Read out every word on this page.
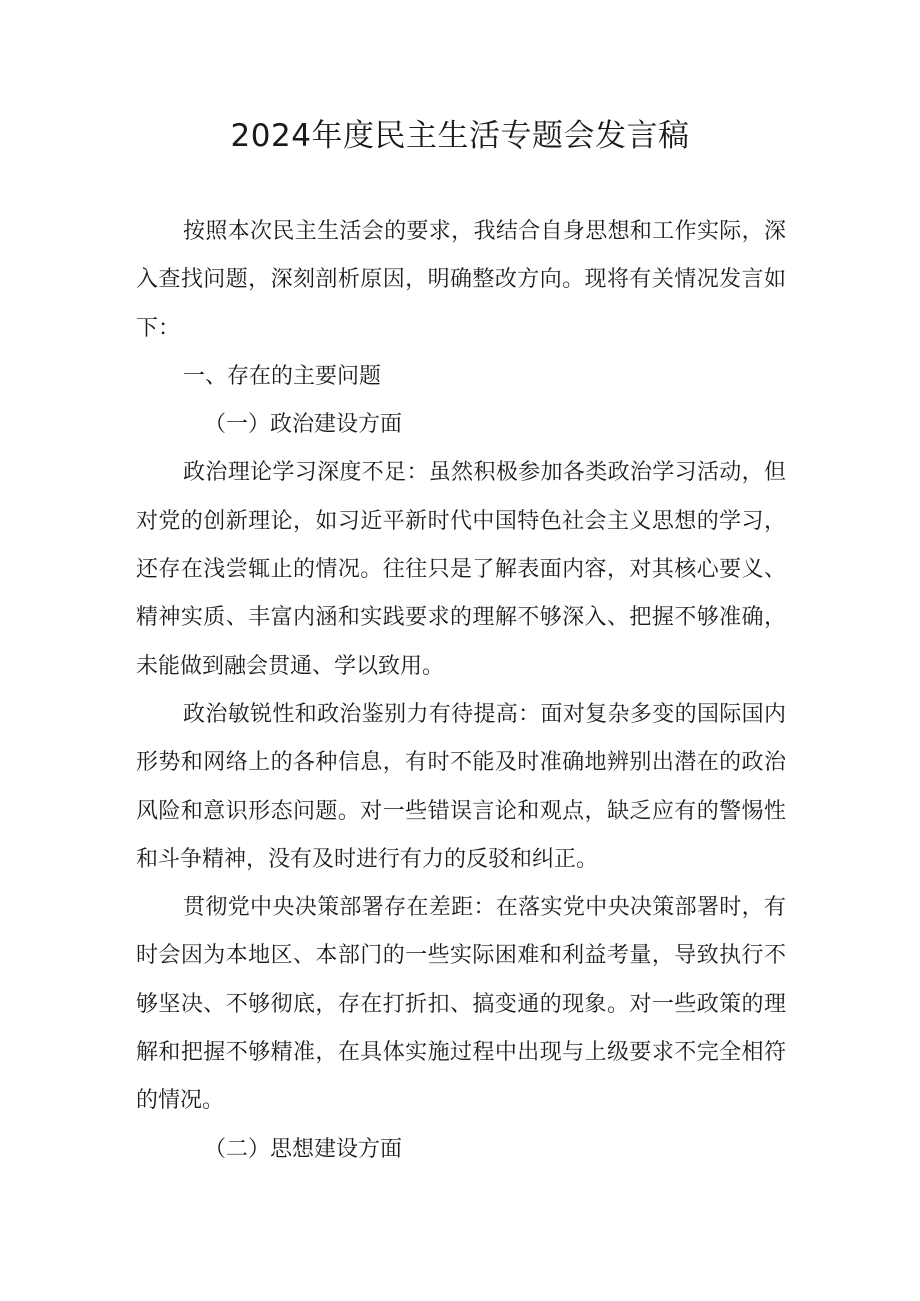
2024年度民主生活专题会发言稿

按照本次民主生活会的要求，我结合自身思想和工作实际，深入查找问题，深刻剖析原因，明确整改方向。现将有关情况发言如下：

一、存在的主要问题

（一）政治建设方面

政治理论学习深度不足：虽然积极参加各类政治学习活动，但对党的创新理论，如习近平新时代中国特色社会主义思想的学习，还存在浅尝辄止的情况。往往只是了解表面内容，对其核心要义、精神实质、丰富内涵和实践要求的理解不够深入、把握不够准确，未能做到融会贯通、学以致用。

政治敏锐性和政治鉴别力有待提高：面对复杂多变的国际国内形势和网络上的各种信息，有时不能及时准确地辨别出潜在的政治风险和意识形态问题。对一些错误言论和观点，缺乏应有的警惕性和斗争精神，没有及时进行有力的反驳和纠正。

贯彻党中央决策部署存在差距：在落实党中央决策部署时，有时会因为本地区、本部门的一些实际困难和利益考量，导致执行不够坚决、不够彻底，存在打折扣、搞变通的现象。对一些政策的理解和把握不够精准，在具体实施过程中出现与上级要求不完全相符的情况。

（二）思想建设方面
